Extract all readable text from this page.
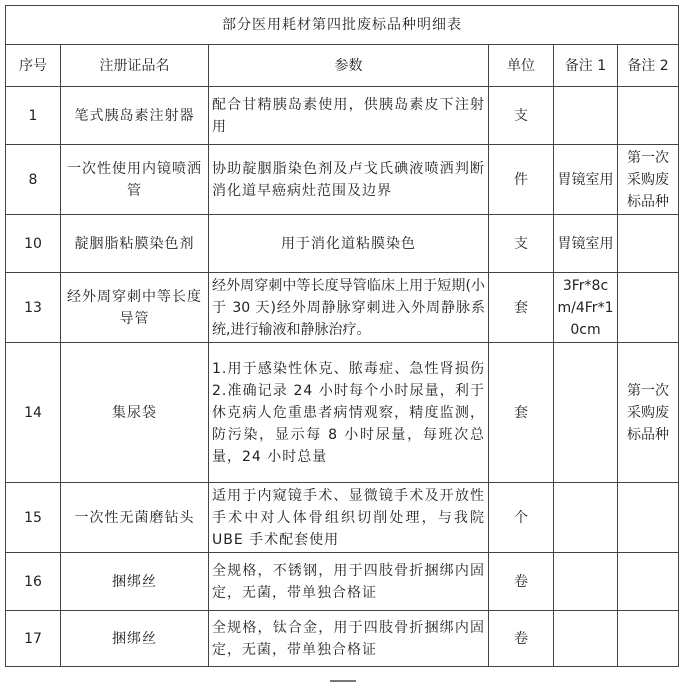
部分医用耗材第四批废标品种明细表					
序号	注册证品名	参数	单位	备注 1	备注 2
1	笔式胰岛素注射器	配合甘精胰岛素使用，供胰岛素皮下注射用	支		
8	一次性使用内镜喷洒管	协助靛胭脂染色剂及卢戈氏碘液喷洒判断消化道早癌病灶范围及边界	件	胃镜室用	第一次采购废标品种
10	靛胭脂粘膜染色剂	用于消化道粘膜染色	支	胃镜室用	
13	经外周穿刺中等长度导管	经外周穿刺中等长度导管临床上用于短期(小于 30 天)经外周静脉穿刺进入外周静脉系统,进行输液和静脉治疗。	套	3Fr*8cm/4Fr*10cm	
14	集尿袋	1.用于感染性休克、脓毒症、急性肾损伤 2.准确记录 24 小时每个小时尿量，利于休克病人危重患者病情观察，精度监测，防污染，显示每 8 小时尿量，每班次总量，24 小时总量	套		第一次采购废标品种
15	一次性无菌磨钻头	适用于内窥镜手术、显微镜手术及开放性手术中对人体骨组织切削处理，与我院 UBE 手术配套使用	个		
16	捆绑丝	全规格，不锈钢，用于四肢骨折捆绑内固定，无菌，带单独合格证	卷		
17	捆绑丝	全规格，钛合金，用于四肢骨折捆绑内固定，无菌，带单独合格证	卷		
